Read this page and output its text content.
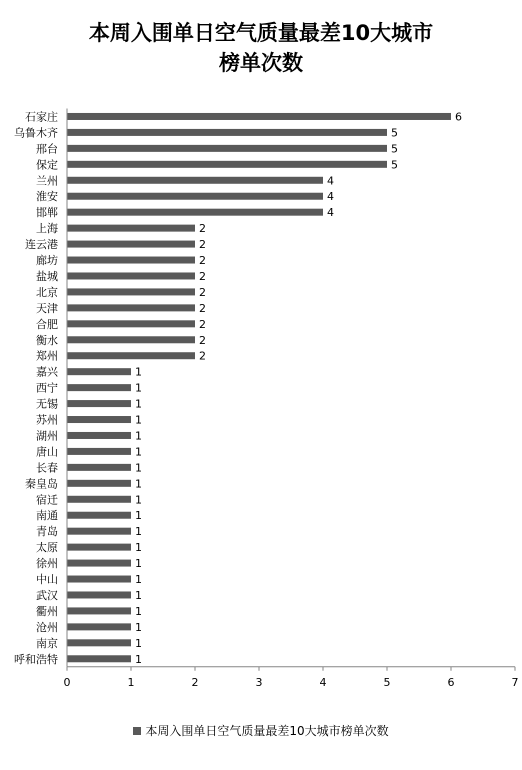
本周入围单日空气质量最差10大城市
榜单次数
石家庄	6
乌鲁木齐	5
邢台	5
保定	5
兰州	4
淮安	4
邯郸	4
上海	2
连云港	2
廊坊	2
盐城	2
北京	2
天津	2
合肥	2
衡水	2
郑州	2
嘉兴	1
西宁	1
无锡	1
苏州	1
湖州	1
唐山	1
长春	1
秦皇岛	1
宿迁	1
南通	1
青岛	1
太原	1
徐州	1
中山	1
武汉	1
衢州	1
沧州	1
南京	1
呼和浩特	1
0	1	2	3	4	5	6	7
本周入围单日空气质量最差10大城市榜单次数
